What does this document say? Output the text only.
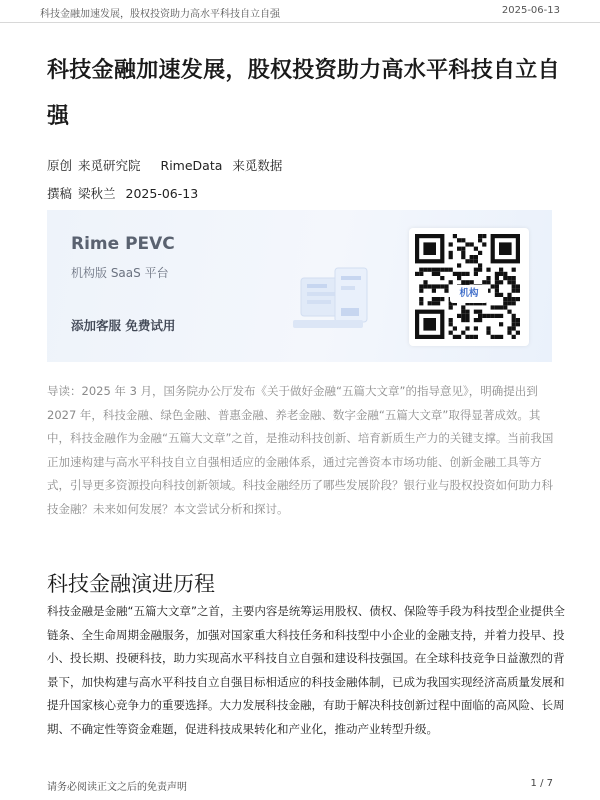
科技金融加速发展，股权投资助力高水平科技自立自强	2025-06-13
科技金融加速发展，股权投资助力高水平科技自立自强
原创 来觅研究院 RimeData 来觅数据
撰稿 梁秋兰 2025-06-13
Rime PEVC
机构版 SaaS 平台
添加客服 免费试用
机构
导读：2025 年 3 月，国务院办公厅发布《关于做好金融“五篇大文章”的指导意见》，明确提出到 2027 年，科技金融、绿色金融、普惠金融、养老金融、数字金融“五篇大文章”取得显著成效。其中，科技金融作为金融“五篇大文章”之首，是推动科技创新、培育新质生产力的关键支撑。当前我国正加速构建与高水平科技自立自强相适应的金融体系，通过完善资本市场功能、创新金融工具等方式，引导更多资源投向科技创新领域。科技金融经历了哪些发展阶段？银行业与股权投资如何助力科技金融？未来如何发展？本文尝试分析和探讨。
科技金融演进历程
科技金融是金融“五篇大文章”之首，主要内容是统筹运用股权、债权、保险等手段为科技型企业提供全链条、全生命周期金融服务，加强对国家重大科技任务和科技型中小企业的金融支持，并着力投早、投小、投长期、投硬科技，助力实现高水平科技自立自强和建设科技强国。在全球科技竞争日益激烈的背景下，加快构建与高水平科技自立自强目标相适应的科技金融体制，已成为我国实现经济高质量发展和提升国家核心竞争力的重要选择。大力发展科技金融，有助于解决科技创新过程中面临的高风险、长周期、不确定性等资金难题，促进科技成果转化和产业化，推动产业转型升级。
请务必阅读正文之后的免责声明	1 / 7
